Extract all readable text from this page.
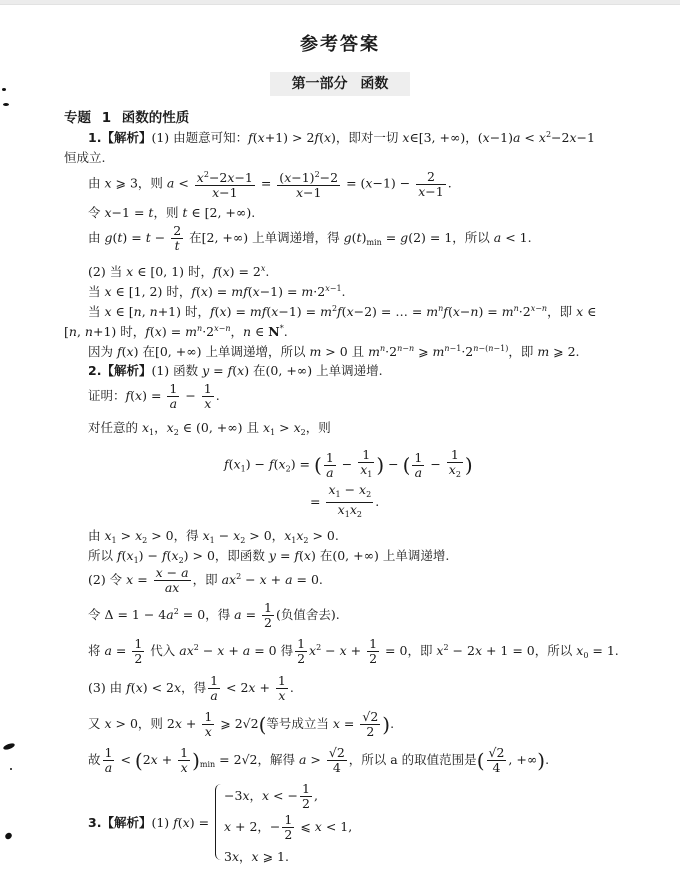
参考答案
第一部分 函数
专题 1 函数的性质
1.【解析】(1) 由题意可知：f(x+1) > 2f(x)，即对一切 x∈[3, +∞)，$(x-1)a < x^2-2x-1$
恒成立.
由 x ⩾ 3，则 $a < \frac{x^2-2x-1}{x-1} = \frac{(x-1)^2-2}{x-1} = (x-1) - \frac{2}{x-1}$ .
令 x−1 = t，则 t ∈ [2, +∞).
由 $g(t) = t - \frac{2}{t}$ 在[2, +∞) 上单调递增，得 $g(t)_{min} = g(2) = 1$，所以 a < 1.
(2) 当 x ∈ [0, 1) 时，$f(x) = 2^x$.
当 x ∈ [1, 2) 时，$f(x) = mf(x-1) = m\cdot 2^{x-1}$.
当 x ∈ [n, n+1) 时，$f(x) = mf(x-1) = m^2f(x-2)$ = … = $m^nf(x-n) = m^n\cdot 2^{x-n}$，即 x ∈
[n, n+1) 时，$f(x) = m^n\cdot 2^{x-n}$，n ∈ N*.
因为 f(x) 在[0, +∞) 上单调递增，所以 m > 0 且 $m^n\cdot 2^{n-n}$ ⩾ $m^{n-1}\cdot 2^{n-(n-1)}$，即 m ⩾ 2.
2.【解析】(1) 函数 y = f(x) 在(0, +∞) 上单调递增.
证明：$f(x) = \frac{1}{a} - \frac{1}{x}$ .
对任意的 $x_1$，$x_2$ ∈ (0, +∞) 且 $x_1 > x_2$，则
$f(x_1) - f(x_2)$ = ( $\frac{1}{a} - \frac{1}{x_1}$ ) − ( $\frac{1}{a} - \frac{1}{x_2}$ )
= $\frac{x_1 - x_2}{x_1x_2}$ .
由 $x_1 > x_2 > 0$，得 $x_1 - x_2 > 0$，$x_1x_2 > 0$.
所以 $f(x_1) - f(x_2) > 0$，即函数 y = f(x) 在(0, +∞) 上单调递增.
(2) 令 $x = \frac{x - a}{ax}$ ，即 $ax^2 - x + a = 0$.
令 $\Delta = 1 - 4a^2 = 0$，得 $a = \frac{1}{2}$ (负值舍去).
将 $a = \frac{1}{2}$ 代入 $ax^2 - x + a = 0$ 得 $\frac{1}{2} x^2 - x + \frac{1}{2} = 0$，即 $x^2 - 2x + 1 = 0$，所以 $x_0 = 1$.
(3) 由 f(x) < 2x，得 $\frac{1}{a} < 2x + \frac{1}{x}$ .
又 x > 0，则 $2x + \frac{1}{x}$ ⩾ 2√2(等号成立当 $x = \frac{√2}{2}$ ).
故 $\frac{1}{a} < (2x + \frac{1}{x} )_{min} = 2√2$，解得 $a > \frac{√2}{4}$ ，所以 a 的取值范围是( $\frac{√2}{4}$ , +∞).
3.【解析】(1) f(x) =
−3x，x < − $\frac{1}{2}$ ,
x + 2，− $\frac{1}{2}$ ⩽ x < 1,
3x，x ⩾ 1.
